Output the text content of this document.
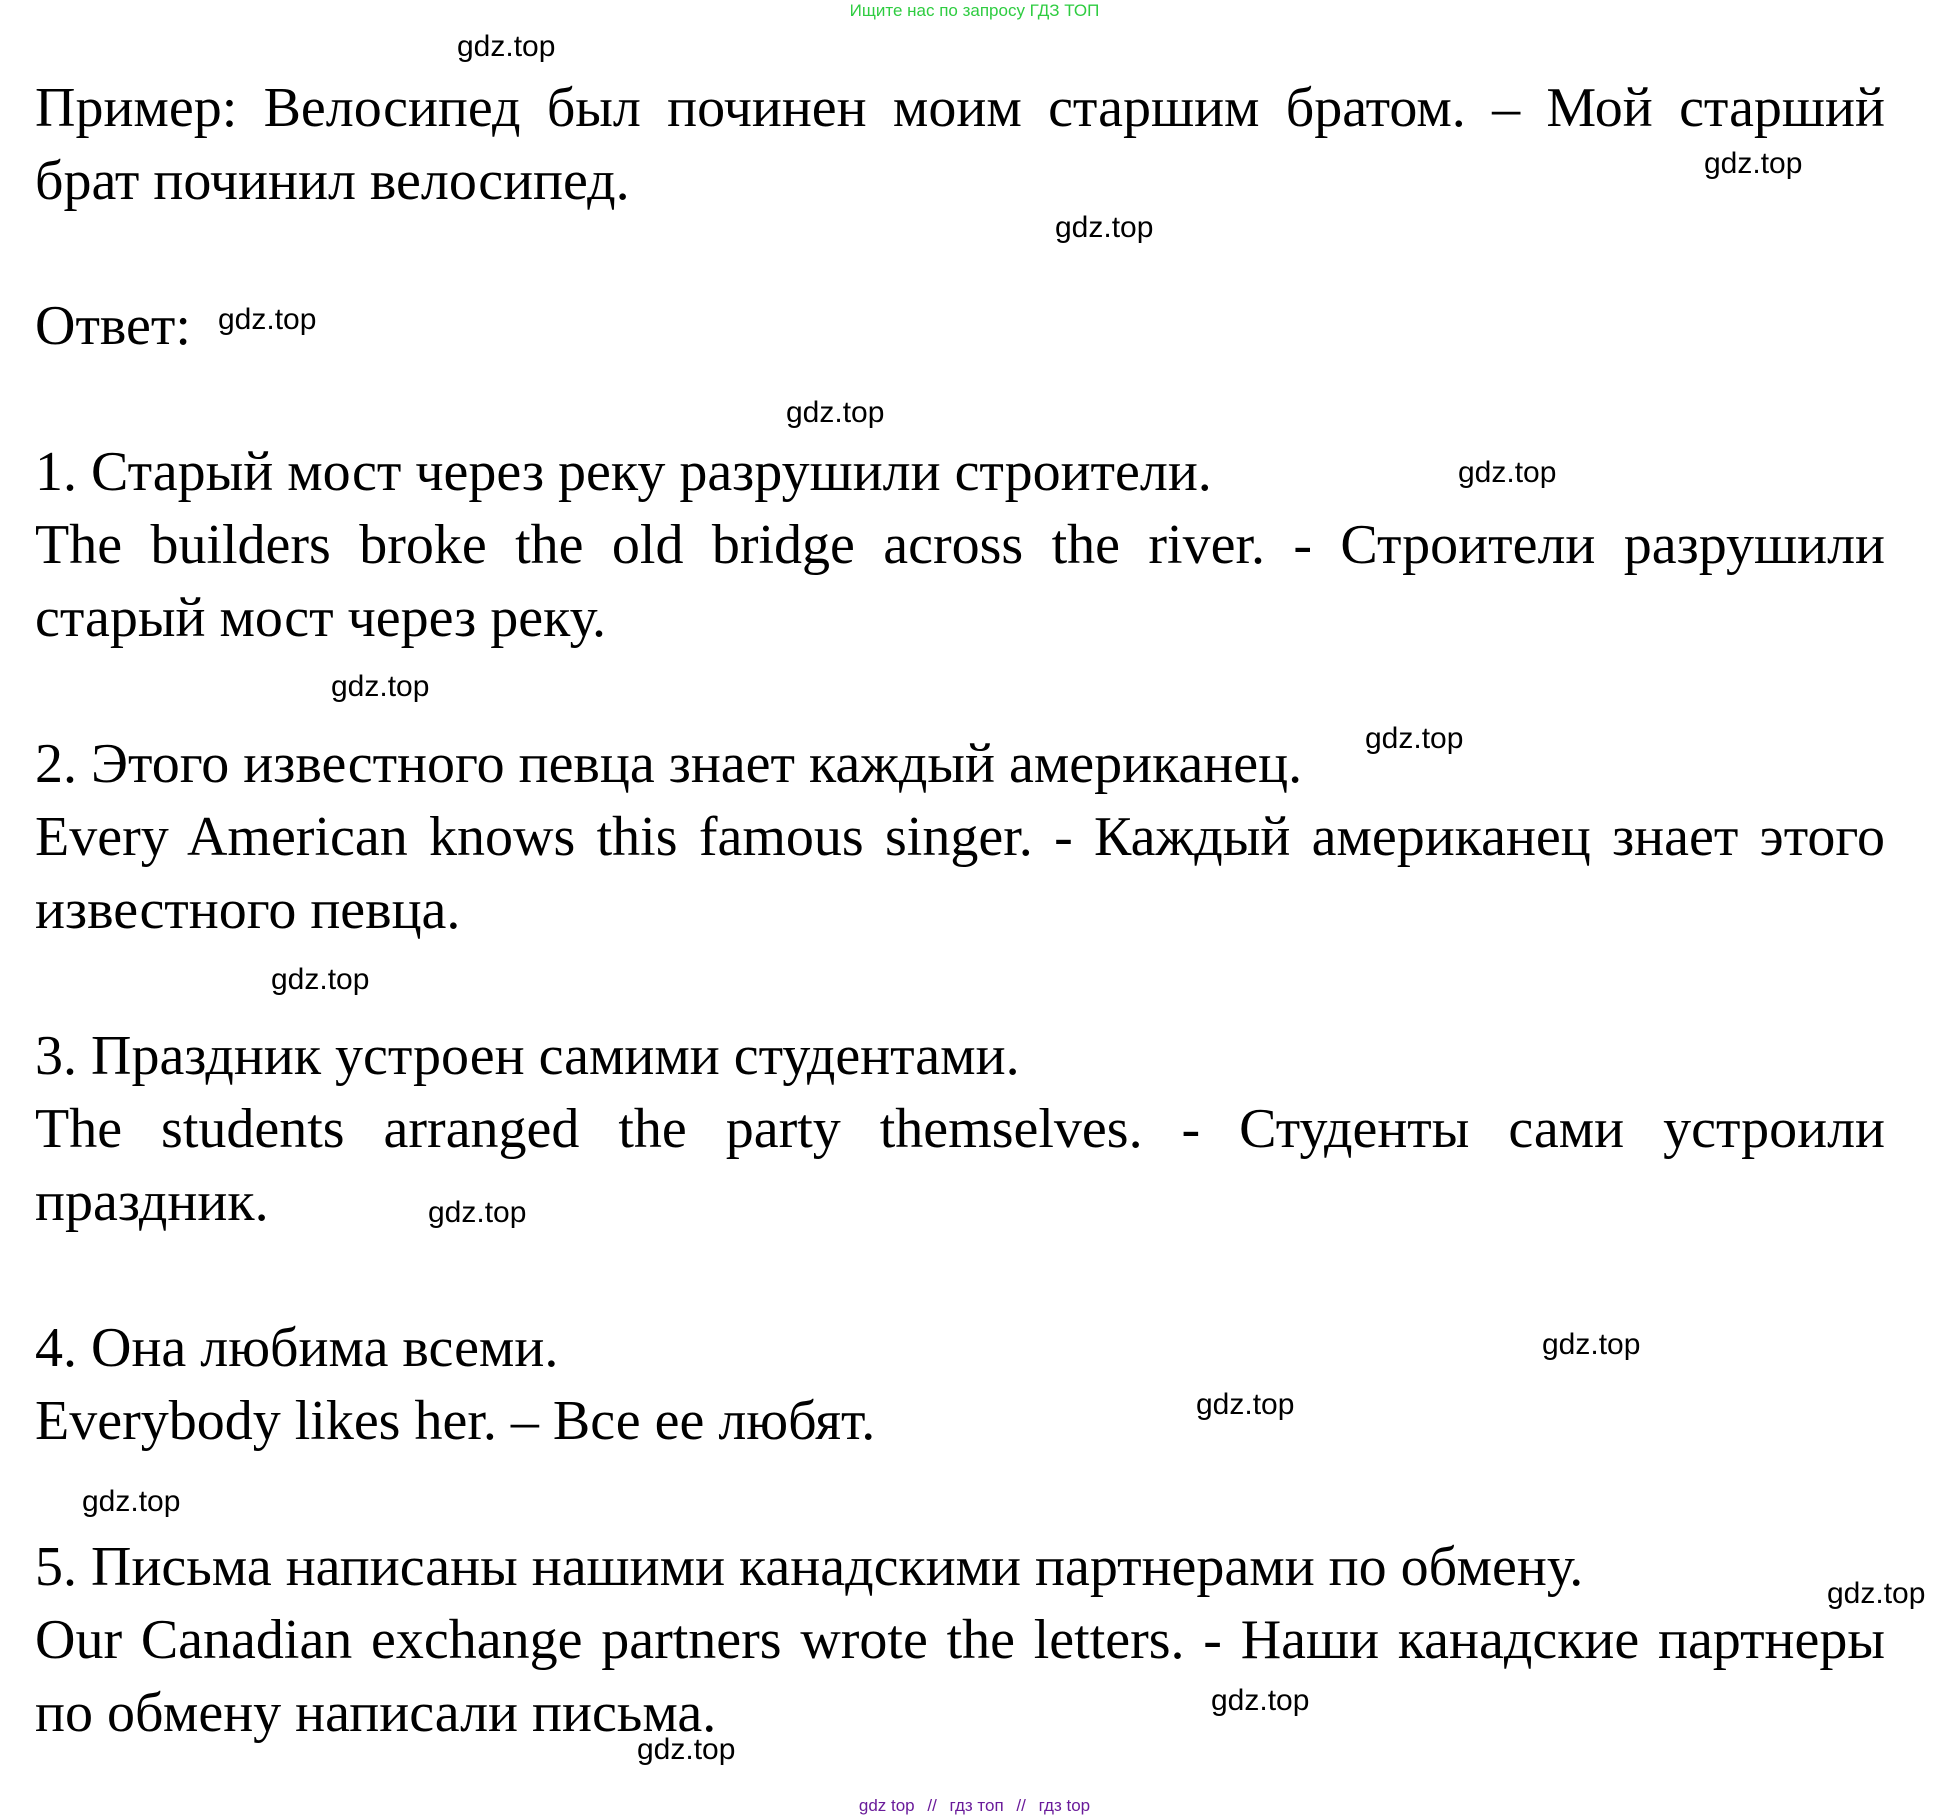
Ищите нас по запросу ГДЗ ТОП
Пример: Велосипед был починен моим старшим братом. – Мой старший
брат починил велосипед.
Ответ:
1. Старый мост через реку разрушили строители.
The builders broke the old bridge across the river. - Строители разрушили
старый мост через реку.
2. Этого известного певца знает каждый американец.
Every American knows this famous singer. - Каждый американец знает этого
известного певца.
3. Праздник устроен самими студентами.
The students arranged the party themselves. - Студенты сами устроили
праздник.
4. Она любима всеми.
Everybody likes her. – Все ее любят.
5. Письма написаны нашими канадскими партнерами по обмену.
Our Canadian exchange partners wrote the letters. - Наши канадские партнеры
по обмену написали письма.
gdz.top
gdz.top
gdz.top
gdz.top
gdz.top
gdz.top
gdz.top
gdz.top
gdz.top
gdz.top
gdz.top
gdz.top
gdz.top
gdz.top
gdz.top
gdz.top
gdz top // гдз топ // гдз top
